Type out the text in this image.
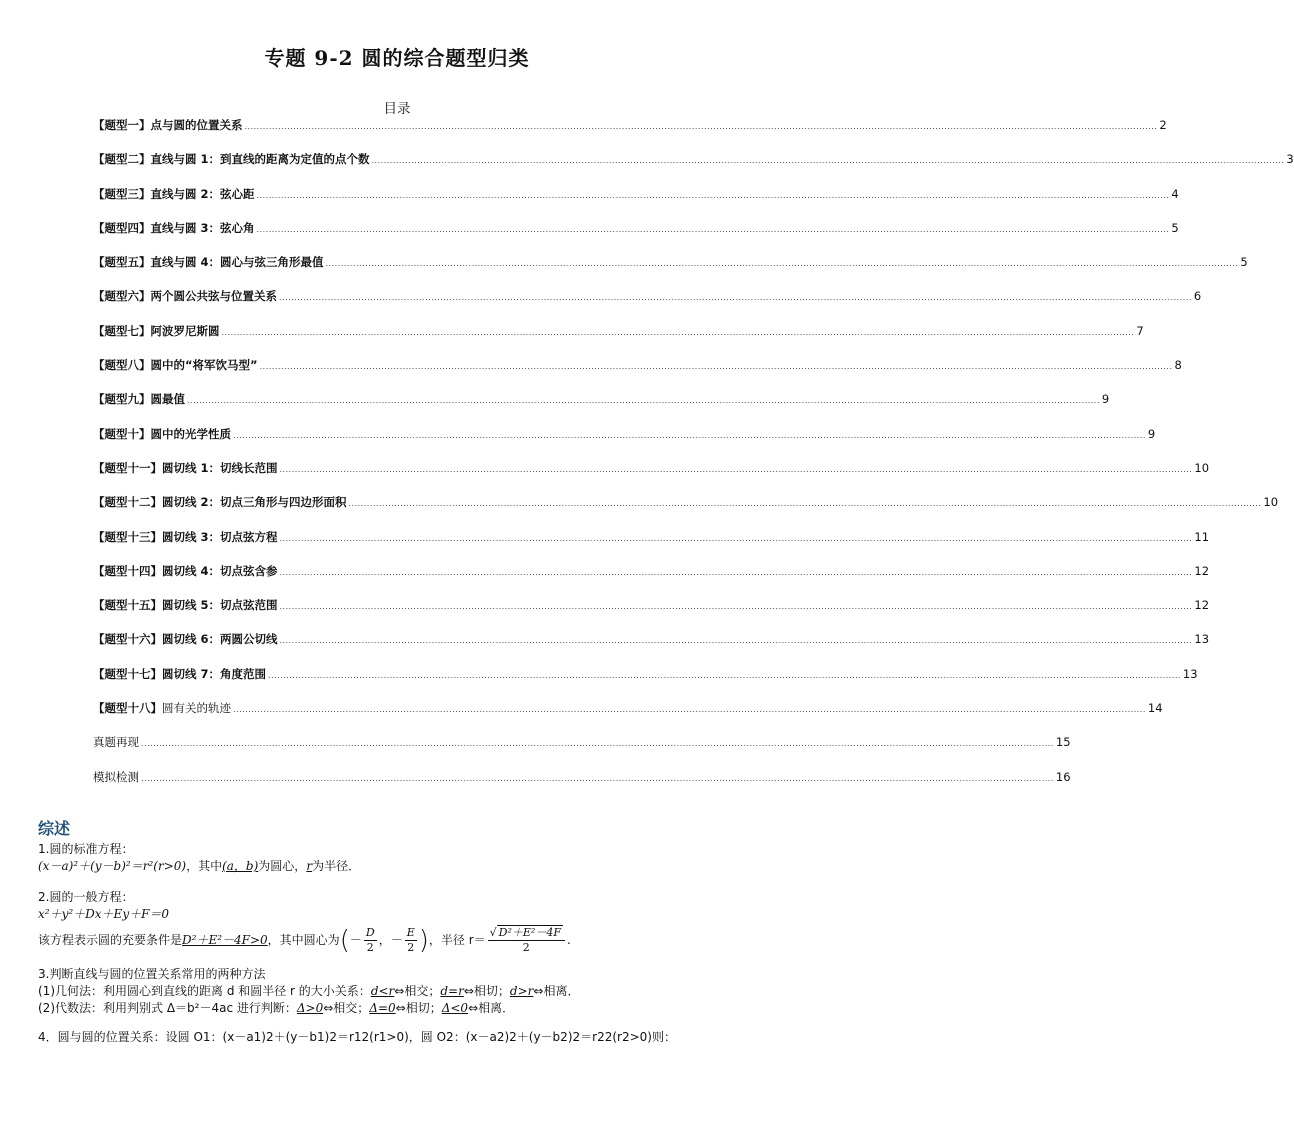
专题 9-2 圆的综合题型归类
目录
【题型一】点与圆的位置关系 ............................................................................................................................................................................................................................................................................................................ 2
【题型二】直线与圆 1：到直线的距离为定值的点个数 ............................................................................................................................................................................................................................................................................................................ 3
【题型三】直线与圆 2：弦心距 ............................................................................................................................................................................................................................................................................................................ 4
【题型四】直线与圆 3：弦心角 ............................................................................................................................................................................................................................................................................................................ 5
【题型五】直线与圆 4：圆心与弦三角形最值 ............................................................................................................................................................................................................................................................................................................ 5
【题型六】两个圆公共弦与位置关系 ............................................................................................................................................................................................................................................................................................................ 6
【题型七】阿波罗尼斯圆 ............................................................................................................................................................................................................................................................................................................ 7
【题型八】圆中的“将军饮马型” ............................................................................................................................................................................................................................................................................................................ 8
【题型九】圆最值 ............................................................................................................................................................................................................................................................................................................ 9
【题型十】圆中的光学性质 ............................................................................................................................................................................................................................................................................................................ 9
【题型十一】圆切线 1：切线长范围 ............................................................................................................................................................................................................................................................................................................ 10
【题型十二】圆切线 2：切点三角形与四边形面积 ............................................................................................................................................................................................................................................................................................................ 10
【题型十三】圆切线 3：切点弦方程 ............................................................................................................................................................................................................................................................................................................ 11
【题型十四】圆切线 4：切点弦含参 ............................................................................................................................................................................................................................................................................................................ 12
【题型十五】圆切线 5：切点弦范围 ............................................................................................................................................................................................................................................................................................................ 12
【题型十六】圆切线 6：两圆公切线 ............................................................................................................................................................................................................................................................................................................ 13
【题型十七】圆切线 7：角度范围 ............................................................................................................................................................................................................................................................................................................ 13
【题型十八】圆有关的轨迹 ............................................................................................................................................................................................................................................................................................................ 14
真题再现 ............................................................................................................................................................................................................................................................................................................ 15
模拟检测 ............................................................................................................................................................................................................................................................................................................ 16
综述

1.圆的标准方程：

(x－a)²＋(y－b)²＝r²(r>0)，其中(a，b)为圆心，r为半径．

2.圆的一般方程：

x²＋y²＋Dx＋Ey＋F＝0

该方程表示圆的充要条件是D²＋E²－4F>0，其中圆心为(－ $\frac{D}{2}$ ，－ $\frac{E}{2}$ )，半径 $r= \frac{\text{√ D²＋E²－4F}}{2}$ .

3.判断直线与圆的位置关系常用的两种方法

(1)几何法：利用圆心到直线的距离 d 和圆半径 r 的大小关系：d<r⇔相交；d=r⇔相切；d>r⇔相离．

(2)代数法：利用判别式 Δ＝b²－4ac 进行判断：Δ>0⇔相交；Δ=0⇔相切；Δ<0⇔相离．

4．圆与圆的位置关系：设圆 O1：(x－a1)2＋(y－b1)2＝r12(r1>0)，圆 O2：(x－a2)2＋(y－b2)2＝r22(r2>0)则：
